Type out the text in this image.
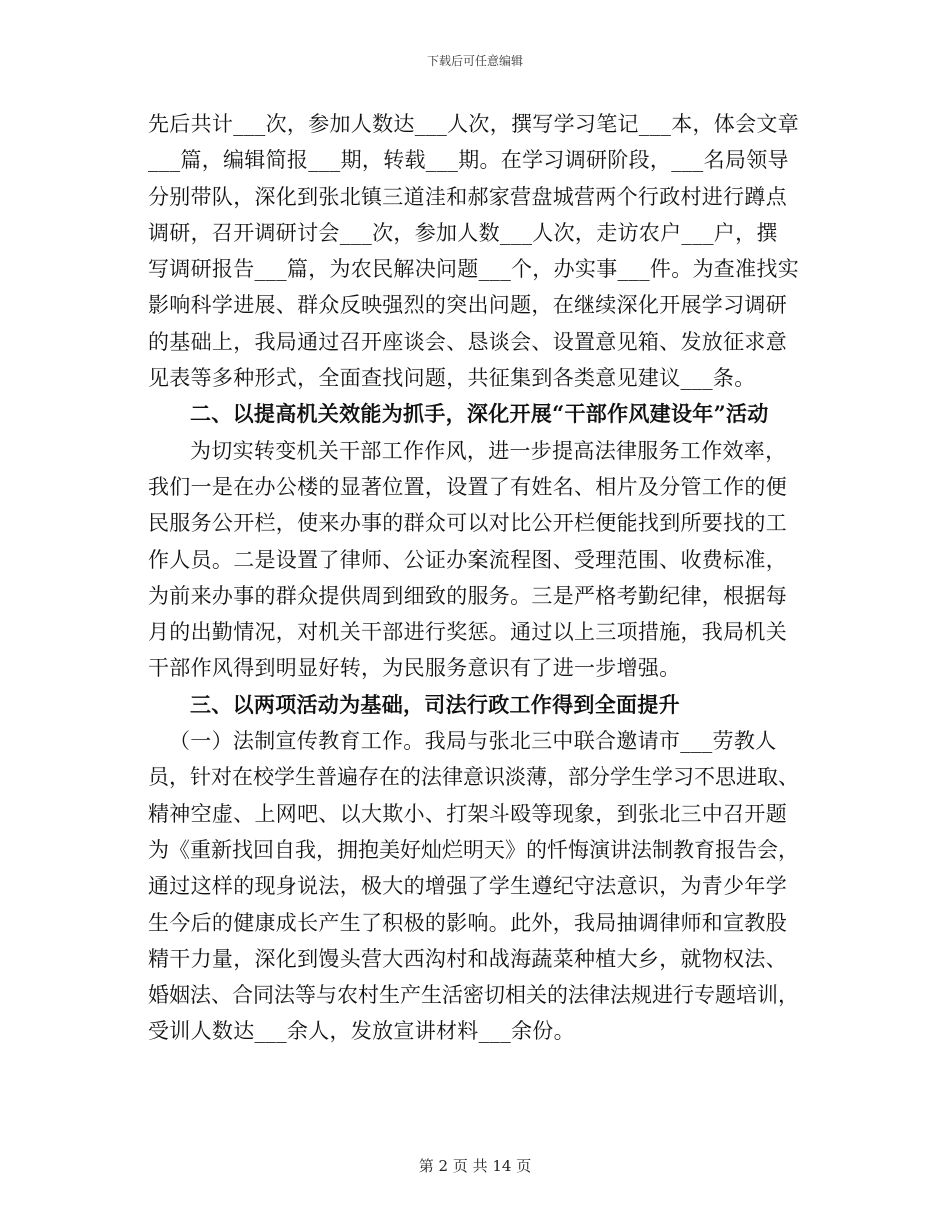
下载后可任意编辑
先后共计___次，参加人数达___人次，撰写学习笔记___本，体会文章
___篇，编辑简报___期，转载___期。在学习调研阶段，___名局领导
分别带队，深化到张北镇三道洼和郝家营盘城营两个行政村进行蹲点
调研，召开调研讨会___次，参加人数___人次，走访农户___户，撰
写调研报告___篇，为农民解决问题___个，办实事___件。为查准找实
影响科学进展、群众反映强烈的突出问题，在继续深化开展学习调研
的基础上，我局通过召开座谈会、恳谈会、设置意见箱、发放征求意
见表等多种形式，全面查找问题，共征集到各类意见建议___条。
二、以提高机关效能为抓手，深化开展“干部作风建设年”活动
为切实转变机关干部工作作风，进一步提高法律服务工作效率，
我们一是在办公楼的显著位置，设置了有姓名、相片及分管工作的便
民服务公开栏，使来办事的群众可以对比公开栏便能找到所要找的工
作人员。二是设置了律师、公证办案流程图、受理范围、收费标准，
为前来办事的群众提供周到细致的服务。三是严格考勤纪律，根据每
月的出勤情况，对机关干部进行奖惩。通过以上三项措施，我局机关
干部作风得到明显好转，为民服务意识有了进一步增强。
三、以两项活动为基础，司法行政工作得到全面提升
（一）法制宣传教育工作。我局与张北三中联合邀请市___劳教人
员，针对在校学生普遍存在的法律意识淡薄，部分学生学习不思进取、
精神空虚、上网吧、以大欺小、打架斗殴等现象，到张北三中召开题
为《重新找回自我，拥抱美好灿烂明天》的忏悔演讲法制教育报告会，
通过这样的现身说法，极大的增强了学生遵纪守法意识，为青少年学
生今后的健康成长产生了积极的影响。此外，我局抽调律师和宣教股
精干力量，深化到馒头营大西沟村和战海蔬菜种植大乡，就物权法、
婚姻法、合同法等与农村生产生活密切相关的法律法规进行专题培训，
受训人数达___余人，发放宣讲材料___余份。
第 2 页 共 14 页
